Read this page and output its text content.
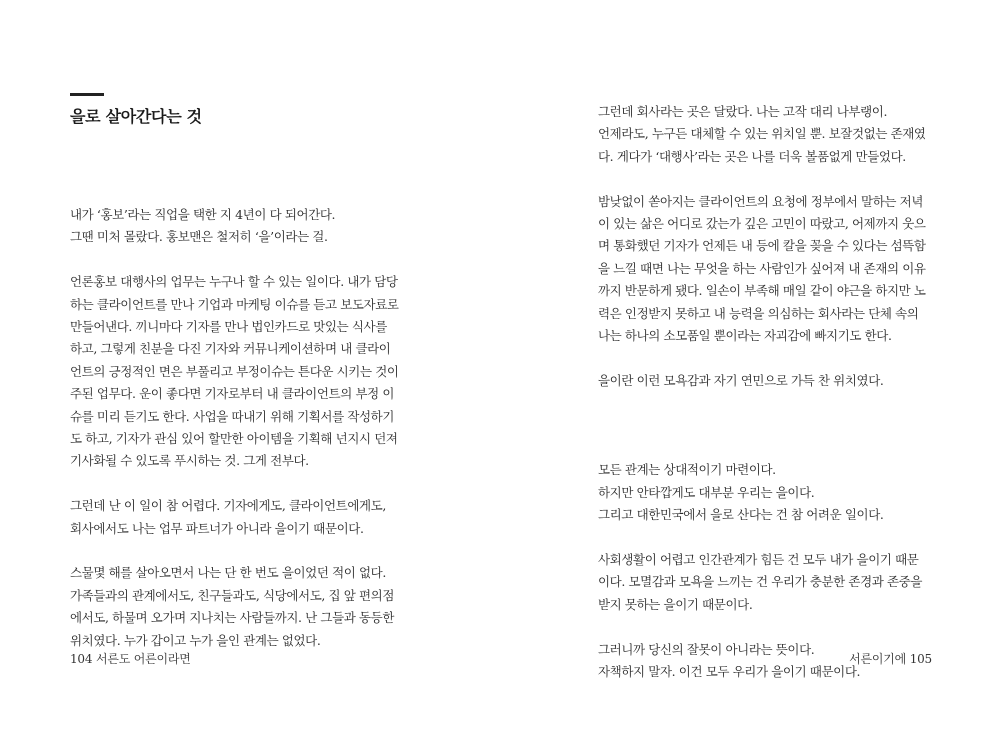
을로 살아간다는 것
내가 ‘홍보’라는 직업을 택한 지 4년이 다 되어간다.
그땐 미처 몰랐다. 홍보맨은 철저히 ‘을’이라는 걸.
언론홍보 대행사의 업무는 누구나 할 수 있는 일이다. 내가 담당
하는 클라이언트를 만나 기업과 마케팅 이슈를 듣고 보도자료로
만들어낸다. 끼니마다 기자를 만나 법인카드로 맛있는 식사를
하고, 그렇게 친분을 다진 기자와 커뮤니케이션하며 내 클라이
언트의 긍정적인 면은 부풀리고 부정이슈는 튼다운 시키는 것이
주된 업무다. 운이 좋다면 기자로부터 내 클라이언트의 부정 이
슈를 미리 듣기도 한다. 사업을 따내기 위해 기획서를 작성하기
도 하고, 기자가 관심 있어 할만한 아이템을 기획해 넌지시 던져
기사화될 수 있도록 푸시하는 것. 그게 전부다.
그런데 난 이 일이 참 어렵다. 기자에게도, 클라이언트에게도,
회사에서도 나는 업무 파트너가 아니라 을이기 때문이다.
스물몇 해를 살아오면서 나는 단 한 번도 을이었던 적이 없다.
가족들과의 관계에서도, 친구들과도, 식당에서도, 집 앞 편의점
에서도, 하물며 오가며 지나치는 사람들까지. 난 그들과 동등한
위치였다. 누가 갑이고 누가 을인 관계는 없었다.
104 서른도 어른이라면
그런데 회사라는 곳은 달랐다. 나는 고작 대리 나부랭이.
언제라도, 누구든 대체할 수 있는 위치일 뿐. 보잘것없는 존재였
다. 게다가 ‘대행사’라는 곳은 나를 더욱 볼품없게 만들었다.
밤낮없이 쏟아지는 클라이언트의 요청에 정부에서 말하는 저녁
이 있는 삶은 어디로 갔는가 깊은 고민이 따랐고, 어제까지 웃으
며 통화했던 기자가 언제든 내 등에 칼을 꽂을 수 있다는 섬뜩함
을 느낄 때면 나는 무엇을 하는 사람인가 싶어져 내 존재의 이유
까지 반문하게 됐다. 일손이 부족해 매일 같이 야근을 하지만 노
력은 인정받지 못하고 내 능력을 의심하는 회사라는 단체 속의
나는 하나의 소모품일 뿐이라는 자괴감에 빠지기도 한다.
을이란 이런 모욕감과 자기 연민으로 가득 찬 위치였다.
모든 관계는 상대적이기 마련이다.
하지만 안타깝게도 대부분 우리는 을이다.
그리고 대한민국에서 을로 산다는 건 참 어려운 일이다.
사회생활이 어렵고 인간관계가 힘든 건 모두 내가 을이기 때문
이다. 모멸감과 모욕을 느끼는 건 우리가 충분한 존경과 존중을
받지 못하는 을이기 때문이다.
그러니까 당신의 잘못이 아니라는 뜻이다.
자책하지 말자. 이건 모두 우리가 을이기 때문이다.
서른이기에 105
